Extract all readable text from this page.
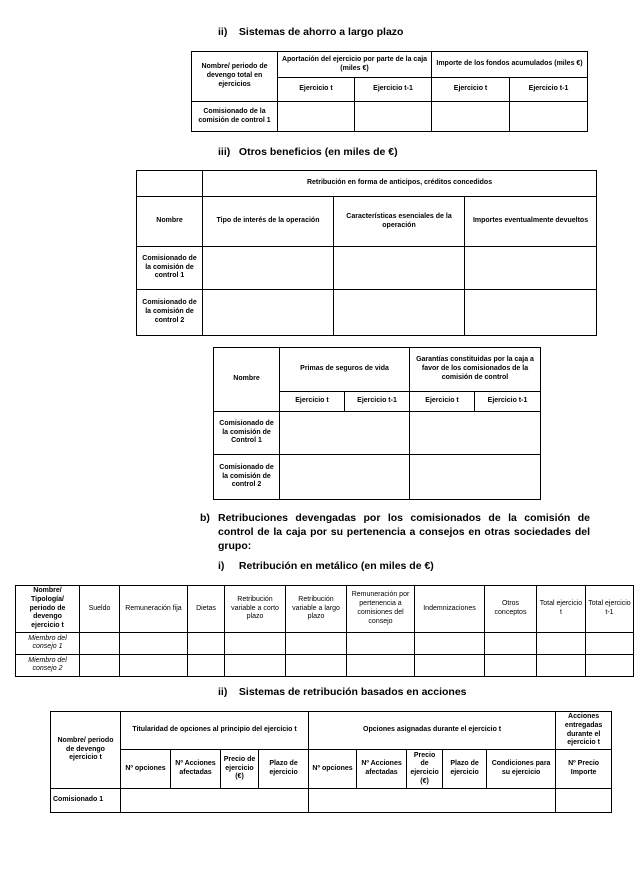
ii) Sistemas de ahorro a largo plazo
Nombre/ periodo de devengo total en ejercicios	Aportación del ejercicio por parte de la caja (miles €)		Importe de los fondos acumulados (miles €)	
	Ejercicio t	Ejercicio t-1	Ejercicio t	Ejercicio t-1
Comisionado de la comisión de control 1				
iii) Otros beneficios (en miles de €)
	Retribución en forma de anticipos, créditos concedidos		
Nombre	Tipo de interés de la operación	Características esenciales de la operación	Importes eventualmente devueltos
Comisionado de la comisión de control 1			
Comisionado de la comisión de control 2			
Nombre	Primas de seguros de vida		Garantías constituidas por la caja a favor de los comisionados de la comisión de control	
	Ejercicio t	Ejercicio t-1	Ejercicio t	Ejercicio t-1
Comisionado de la comisión de Control 1				
Comisionado de la comisión de control 2				
b) Retribuciones devengadas por los comisionados de la comisión de control de la caja por su pertenencia a consejos en otras sociedades del grupo:
i) Retribución en metálico (en miles de €)
Nombre/ Tipología/ periodo de devengo ejercicio t	Sueldo	Remuneración fija	Dietas	Retribución variable a corto plazo	Retribución variable a largo plazo	Remuneración por pertenencia a comisiones del consejo	Indemnizaciones	Otros conceptos	Total ejercicio t	Total ejercicio t-1
Miembro del consejo 1										
Miembro del consejo 2										
ii) Sistemas de retribución basados en acciones
Nombre/ periodo de devengo ejercicio t	Titularidad de opciones al principio del ejercicio t				Opciones asignadas durante el ejercicio t					Acciones entregadas durante el ejercicio t
	Nº opciones	Nº Acciones afectadas	Precio de ejercicio (€)	Plazo de ejercicio	Nº opciones	Nº Acciones afectadas	Precio de ejercicio (€)	Plazo de ejercicio	Condiciones para su ejercicio	Nº Precio Importe
Comisionado 1										
